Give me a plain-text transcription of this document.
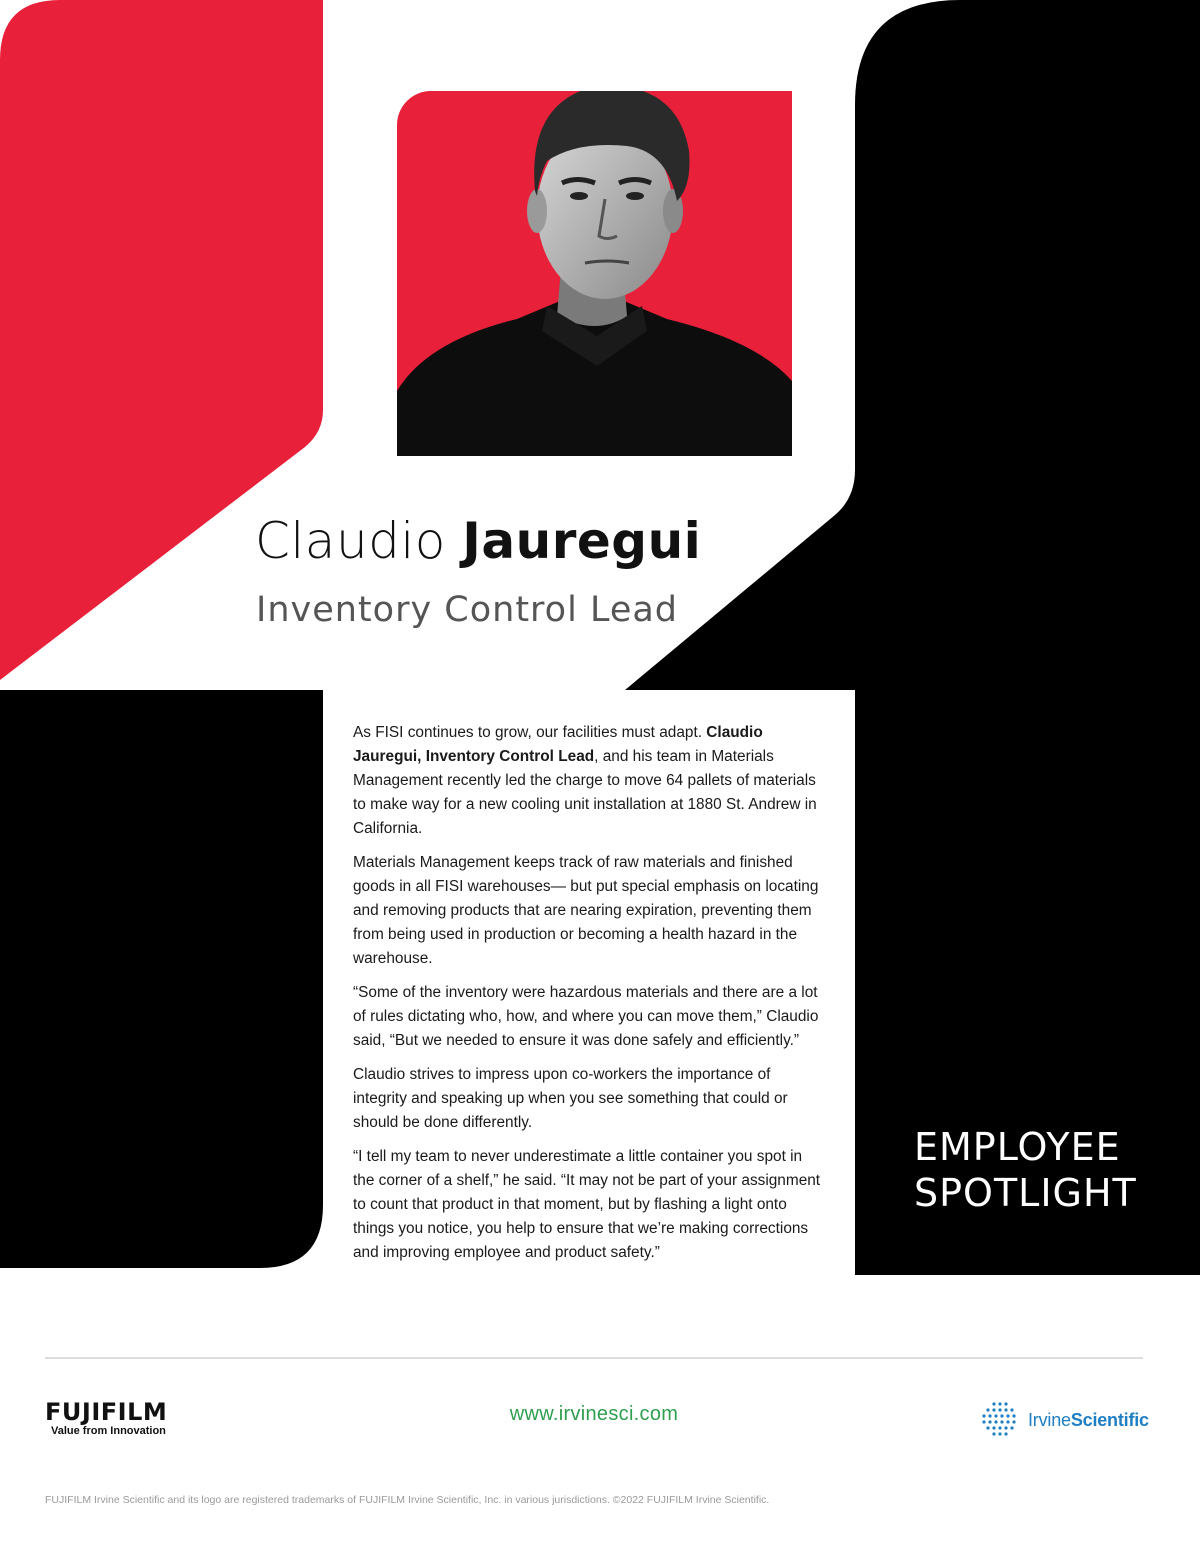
Claudio Jauregui
Inventory Control Lead

As FISI continues to grow, our facilities must adapt. Claudio Jauregui, Inventory Control Lead, and his team in Materials Management recently led the charge to move 64 pallets of materials to make way for a new cooling unit installation at 1880 St. Andrew in California.

Materials Management keeps track of raw materials and finished goods in all FISI warehouses— but put special emphasis on locating and removing products that are nearing expiration, preventing them from being used in production or becoming a health hazard in the warehouse.

“Some of the inventory were hazardous materials and there are a lot of rules dictating who, how, and where you can move them,” Claudio said, “But we needed to ensure it was done safely and efficiently.”

Claudio strives to impress upon co-workers the importance of integrity and speaking up when you see something that could or should be done differently.

“I tell my team to never underestimate a little container you spot in the corner of a shelf,” he said. “It may not be part of your assignment to count that product in that moment, but by flashing a light onto things you notice, you help to ensure that we’re making corrections and improving employee and product safety.”

EMPLOYEE
SPOTLIGHT
FUJIFILM
Value from Innovation
www.irvinesci.com	IrvineScientific
FUJIFILM Irvine Scientific and its logo are registered trademarks of FUJIFILM Irvine Scientific, Inc. in various jurisdictions. ©2022 FUJIFILM Irvine Scientific.
